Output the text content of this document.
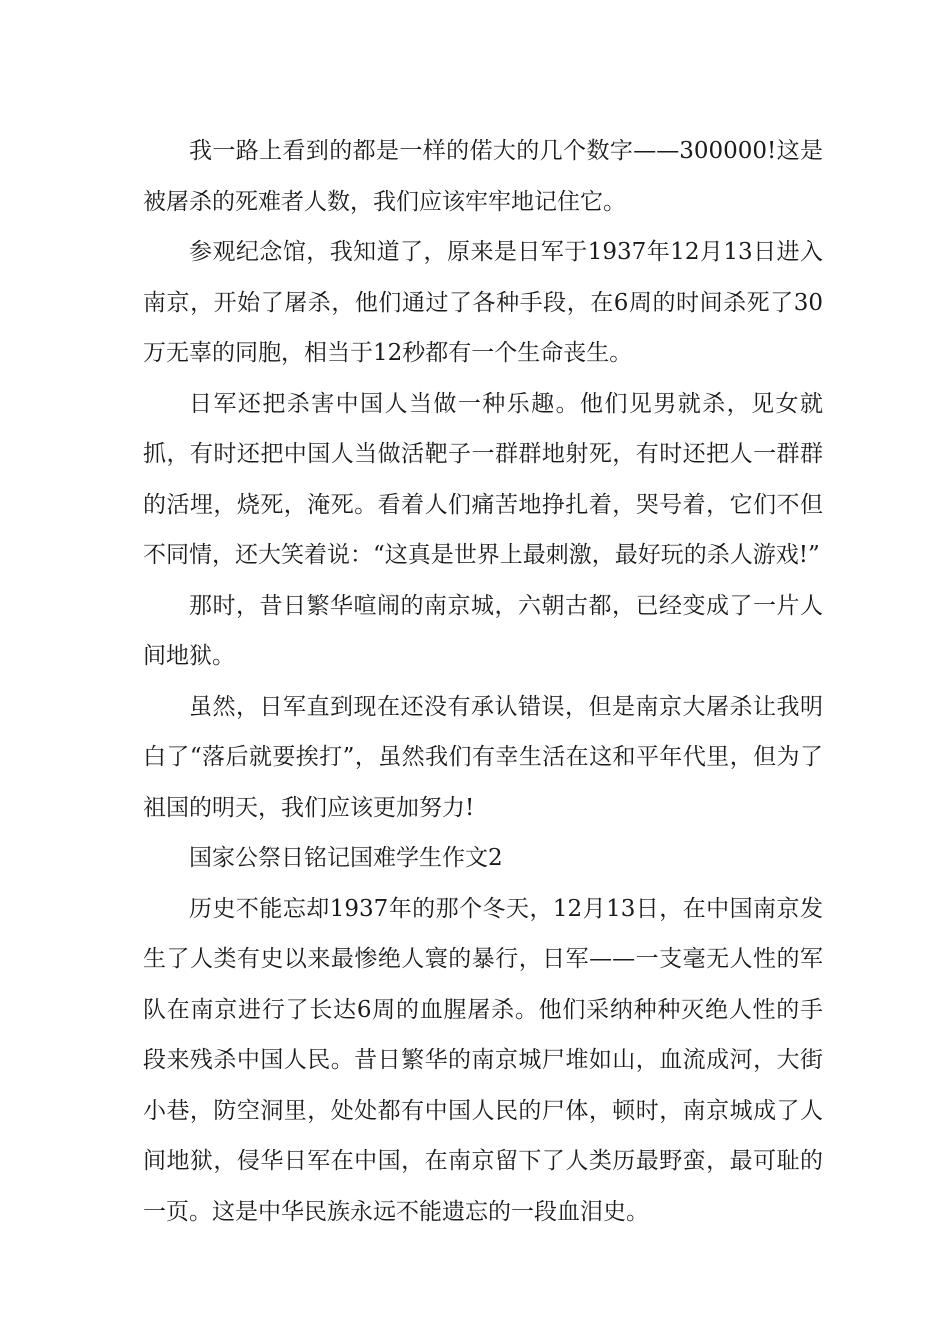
我一路上看到的都是一样的偌大的几个数字——300000!这是被屠杀的死难者人数，我们应该牢牢地记住它。

参观纪念馆，我知道了，原来是日军于1937年12月13日进入南京，开始了屠杀，他们通过了各种手段，在6周的时间杀死了30万无辜的同胞，相当于12秒都有一个生命丧生。

日军还把杀害中国人当做一种乐趣。他们见男就杀，见女就抓，有时还把中国人当做活靶子一群群地射死，有时还把人一群群的活埋，烧死，淹死。看着人们痛苦地挣扎着，哭号着，它们不但不同情，还大笑着说：“这真是世界上最刺激，最好玩的杀人游戏!”

那时，昔日繁华喧闹的南京城，六朝古都，已经变成了一片人间地狱。

虽然，日军直到现在还没有承认错误，但是南京大屠杀让我明白了“落后就要挨打”，虽然我们有幸生活在这和平年代里，但为了祖国的明天，我们应该更加努力!

国家公祭日铭记国难学生作文2

历史不能忘却1937年的那个冬天，12月13日，在中国南京发生了人类有史以来最惨绝人寰的暴行，日军——一支毫无人性的军队在南京进行了长达6周的血腥屠杀。他们采纳种种灭绝人性的手段来残杀中国人民。昔日繁华的南京城尸堆如山，血流成河，大街小巷，防空洞里，处处都有中国人民的尸体，顿时，南京城成了人间地狱，侵华日军在中国，在南京留下了人类历最野蛮，最可耻的一页。这是中华民族永远不能遗忘的一段血泪史。
